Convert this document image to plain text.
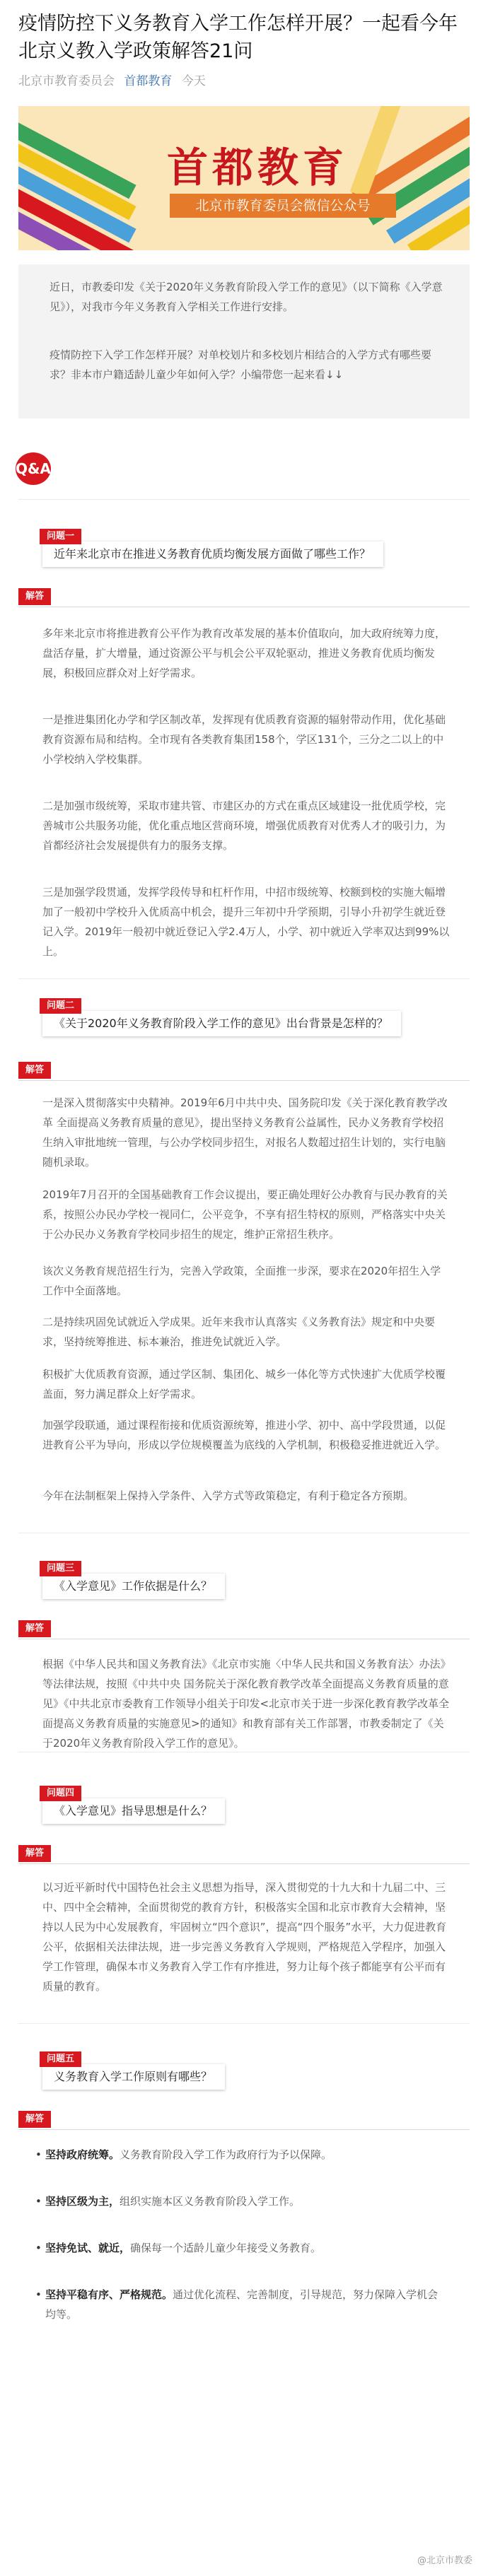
疫情防控下义务教育入学工作怎样开展？一起看今年北京义教入学政策解答21问
北京市教育委员会 首都教育 今天
首都教育
北京市教育委员会微信公众号

近日，市教委印发《关于2020年义务教育阶段入学工作的意见》（以下简称《入学意见》），对我市今年义务教育入学相关工作进行安排。

疫情防控下入学工作怎样开展？对单校划片和多校划片相结合的入学方式有哪些要求？非本市户籍适龄儿童少年如何入学？小编带您一起来看↓↓

Q&A
问题一
近年来北京市在推进义务教育优质均衡发展方面做了哪些工作？
解答

多年来北京市将推进教育公平作为教育改革发展的基本价值取向，加大政府统筹力度，盘活存量，扩大增量，通过资源公平与机会公平双轮驱动，推进义务教育优质均衡发展，积极回应群众对上好学需求。

一是推进集团化办学和学区制改革，发挥现有优质教育资源的辐射带动作用，优化基础教育资源布局和结构。全市现有各类教育集团158个，学区131个，三分之二以上的中小学校纳入学校集群。

二是加强市级统筹，采取市建共管、市建区办的方式在重点区域建设一批优质学校，完善城市公共服务功能，优化重点地区营商环境，增强优质教育对优秀人才的吸引力，为首都经济社会发展提供有力的服务支撑。

三是加强学段贯通，发挥学段传导和杠杆作用，中招市级统筹、校额到校的实施大幅增加了一般初中学校升入优质高中机会，提升三年初中升学预期，引导小升初学生就近登记入学。2019年一般初中就近登记入学2.4万人，小学、初中就近入学率双达到99%以上。

问题二
《关于2020年义务教育阶段入学工作的意见》出台背景是怎样的？
解答

一是深入贯彻落实中央精神。2019年6月中共中央、国务院印发《关于深化教育教学改革 全面提高义务教育质量的意见》，提出坚持义务教育公益属性，民办义务教育学校招生纳入审批地统一管理，与公办学校同步招生，对报名人数超过招生计划的，实行电脑随机录取。

2019年7月召开的全国基础教育工作会议提出，要正确处理好公办教育与民办教育的关系，按照公办民办学校一视同仁，公平竞争，不享有招生特权的原则，严格落实中央关于公办民办义务教育学校同步招生的规定，维护正常招生秩序。

该次义务教育规范招生行为，完善入学政策，全面推一步深，要求在2020年招生入学工作中全面落地。

二是持续巩固免试就近入学成果。近年来我市认真落实《义务教育法》规定和中央要求，坚持统筹推进、标本兼治，推进免试就近入学。

积极扩大优质教育资源，通过学区制、集团化、城乡一体化等方式快速扩大优质学校覆盖面，努力满足群众上好学需求。

加强学段联通，通过课程衔接和优质资源统筹，推进小学、初中、高中学段贯通，以促进教育公平为导向，形成以学位规模覆盖为底线的入学机制，积极稳妥推进就近入学。

今年在法制框架上保持入学条件、入学方式等政策稳定，有利于稳定各方预期。

问题三
《入学意见》工作依据是什么？
解答

根据《中华人民共和国义务教育法》《北京市实施〈中华人民共和国义务教育法〉办法》等法律法规，按照《中共中央 国务院关于深化教育教学改革全面提高义务教育质量的意见》《中共北京市委教育工作领导小组关于印发<北京市关于进一步深化教育教学改革全面提高义务教育质量的实施意见>的通知》和教育部有关工作部署，市教委制定了《关于2020年义务教育阶段入学工作的意见》。

问题四
《入学意见》指导思想是什么？
解答

以习近平新时代中国特色社会主义思想为指导，深入贯彻党的十九大和十九届二中、三中、四中全会精神，全面贯彻党的教育方针，积极落实全国和北京市教育大会精神，坚持以人民为中心发展教育，牢固树立“四个意识”，提高“四个服务”水平，大力促进教育公平，依据相关法律法规，进一步完善义务教育入学规则，严格规范入学程序，加强入学工作管理，确保本市义务教育入学工作有序推进，努力让每个孩子都能享有公平而有质量的教育。

问题五
义务教育入学工作原则有哪些？
解答
• 坚持政府统筹。义务教育阶段入学工作为政府行为予以保障。
• 坚持区级为主，组织实施本区义务教育阶段入学工作。
• 坚持免试、就近，确保每一个适龄儿童少年接受义务教育。
• 坚持平稳有序、严格规范。通过优化流程、完善制度，引导规范，努力保障入学机会均等。
@北京市教委
